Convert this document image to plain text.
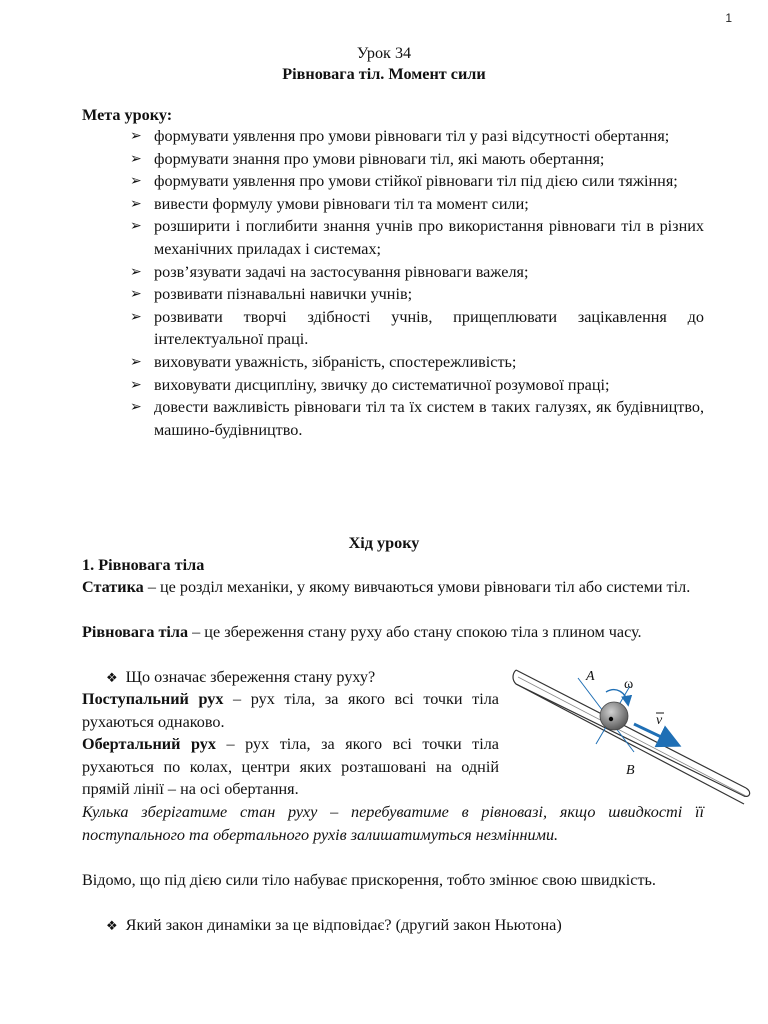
1
Урок 34
Рівновага тіл. Момент сили
Мета уроку:
➢ формувати уявлення про умови рівноваги тіл у разі відсутності обертання;
➢ формувати знання про умови рівноваги тіл, які мають обертання;
➢ формувати уявлення про умови стійкої рівноваги тіл під дією сили тяжіння;
➢ вивести формулу умови рівноваги тіл та момент сили;
➢ розширити і поглибити знання учнів про використання рівноваги тіл в різних механічних приладах і системах;
➢ розв’язувати задачі на застосування рівноваги важеля;
➢ розвивати пізнавальні навички учнів;
➢ розвивати творчі здібності учнів, прищеплювати зацікавлення до інтелектуальної праці.
➢ виховувати уважність, зібраність, спостережливість;
➢ виховувати дисципліну, звичку до систематичної розумової праці;
➢ довести важливість рівноваги тіл та їх систем в таких галузях, як будівництво, машино-будівництво.
Хід уроку
1. Рівновага тіла
Статика – це розділ механіки, у якому вивчаються умови рівноваги тіл або системи тіл.
Рівновага тіла – це збереження стану руху або стану спокою тіла з плином часу.
❖ Що означає збереження стану руху?
Поступальний рух – рух тіла, за якого всі точки тіла рухаються однаково.
Обертальний рух – рух тіла, за якого всі точки тіла рухаються по колах, центри яких розташовані на одній прямій лінії – на осі обертання.
Кулька зберігатиме стан руху – перебуватиме в рівновазі, якщо швидкості її поступального та обертального рухів залишатимуться незмінними.
Відомо, що під дією сили тіло набуває прискорення, тобто змінює свою швидкість.
❖ Який закон динаміки за це відповідає? (другий закон Ньютона)
A
ω
v
B
